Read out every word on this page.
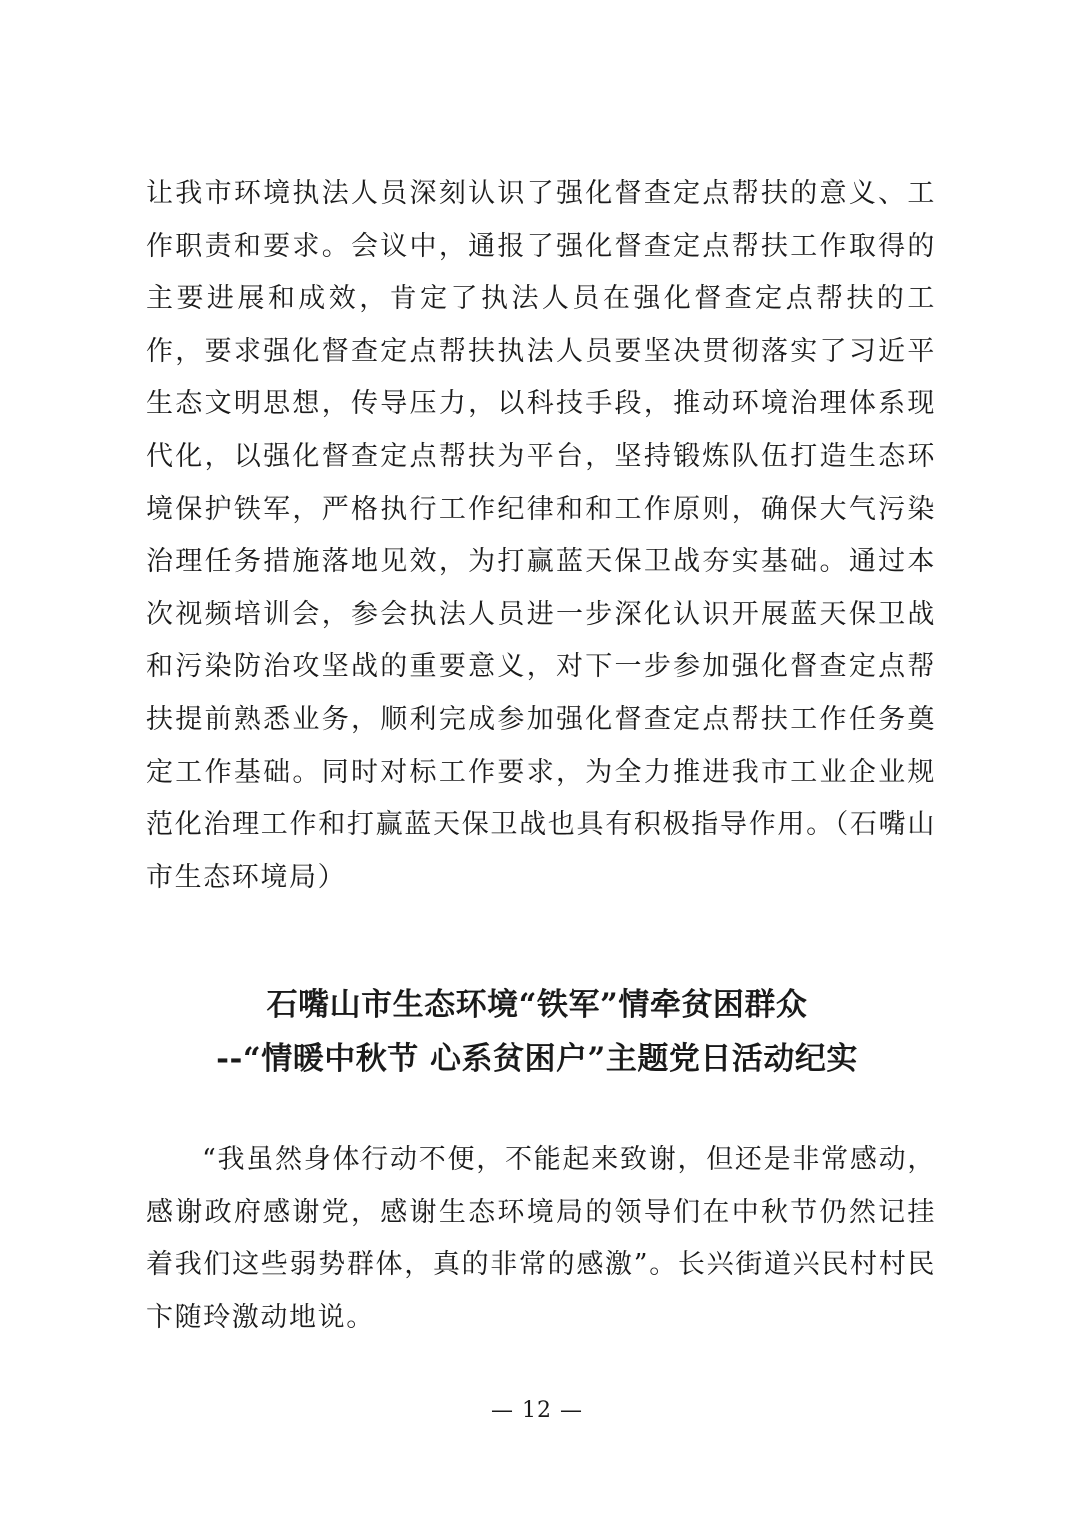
让我市环境执法人员深刻认识了强化督查定点帮扶的意义、工作职责和要求。会议中，通报了强化督查定点帮扶工作取得的主要进展和成效，肯定了执法人员在强化督查定点帮扶的工作，要求强化督查定点帮扶执法人员要坚决贯彻落实了习近平生态文明思想，传导压力，以科技手段，推动环境治理体系现代化，以强化督查定点帮扶为平台，坚持锻炼队伍打造生态环境保护铁军，严格执行工作纪律和和工作原则，确保大气污染治理任务措施落地见效，为打赢蓝天保卫战夯实基础。通过本次视频培训会，参会执法人员进一步深化认识开展蓝天保卫战和污染防治攻坚战的重要意义，对下一步参加强化督查定点帮扶提前熟悉业务，顺利完成参加强化督查定点帮扶工作任务奠定工作基础。同时对标工作要求，为全力推进我市工业企业规范化治理工作和打赢蓝天保卫战也具有积极指导作用。（石嘴山市生态环境局）

石嘴山市生态环境“铁军”情牵贫困群众
--“情暖中秋节 心系贫困户”主题党日活动纪实

“我虽然身体行动不便，不能起来致谢，但还是非常感动，感谢政府感谢党，感谢生态环境局的领导们在中秋节仍然记挂着我们这些弱势群体，真的非常的感激”。长兴街道兴民村村民卞随玲激动地说。

— 12 —
